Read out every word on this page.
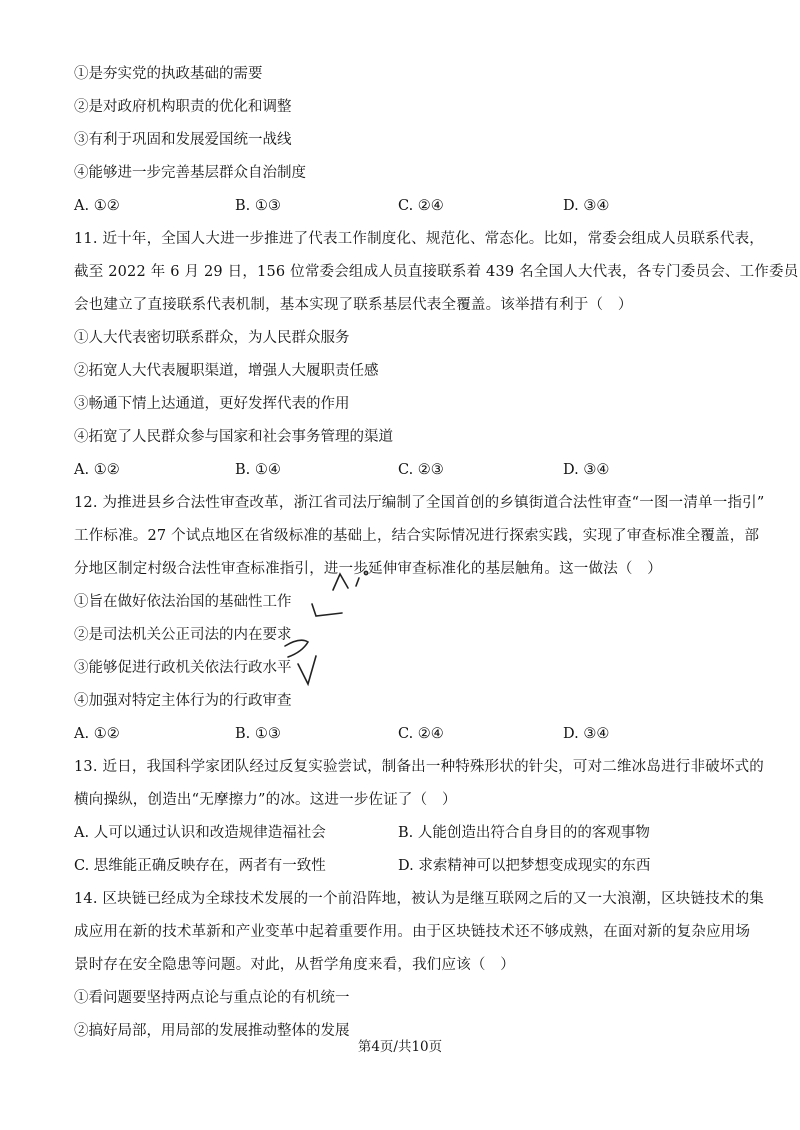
①是夯实党的执政基础的需要
②是对政府机构职责的优化和调整
③有利于巩固和发展爱国统一战线
④能够进一步完善基层群众自治制度
A. ①②	B. ①③	C. ②④	D. ③④
11. 近十年，全国人大进一步推进了代表工作制度化、规范化、常态化。比如，常委会组成人员联系代表，
截至 2022 年 6 月 29 日，156 位常委会组成人员直接联系着 439 名全国人大代表，各专门委员会、工作委员
会也建立了直接联系代表机制，基本实现了联系基层代表全覆盖。该举措有利于（　）
①人大代表密切联系群众，为人民群众服务
②拓宽人大代表履职渠道，增强人大履职责任感
③畅通下情上达通道，更好发挥代表的作用
④拓宽了人民群众参与国家和社会事务管理的渠道
A. ①②	B. ①④	C. ②③	D. ③④
12. 为推进县乡合法性审查改革，浙江省司法厅编制了全国首创的乡镇街道合法性审查“一图一清单一指引”
工作标准。27 个试点地区在省级标准的基础上，结合实际情况进行探索实践，实现了审查标准全覆盖，部
分地区制定村级合法性审查标准指引，进一步延伸审查标准化的基层触角。这一做法（　）
①旨在做好依法治国的基础性工作
②是司法机关公正司法的内在要求
③能够促进行政机关依法行政水平
④加强对特定主体行为的行政审查
A. ①②	B. ①③	C. ②④	D. ③④
13. 近日，我国科学家团队经过反复实验尝试，制备出一种特殊形状的针尖，可对二维冰岛进行非破坏式的
横向操纵，创造出“无摩擦力”的冰。这进一步佐证了（　）
A. 人可以通过认识和改造规律造福社会	B. 人能创造出符合自身目的的客观事物
C. 思维能正确反映存在，两者有一致性	D. 求索精神可以把梦想变成现实的东西
14. 区块链已经成为全球技术发展的一个前沿阵地，被认为是继互联网之后的又一大浪潮，区块链技术的集
成应用在新的技术革新和产业变革中起着重要作用。由于区块链技术还不够成熟，在面对新的复杂应用场
景时存在安全隐患等问题。对此，从哲学角度来看，我们应该（　）
①看问题要坚持两点论与重点论的有机统一
②搞好局部，用局部的发展推动整体的发展
第4页/共10页
